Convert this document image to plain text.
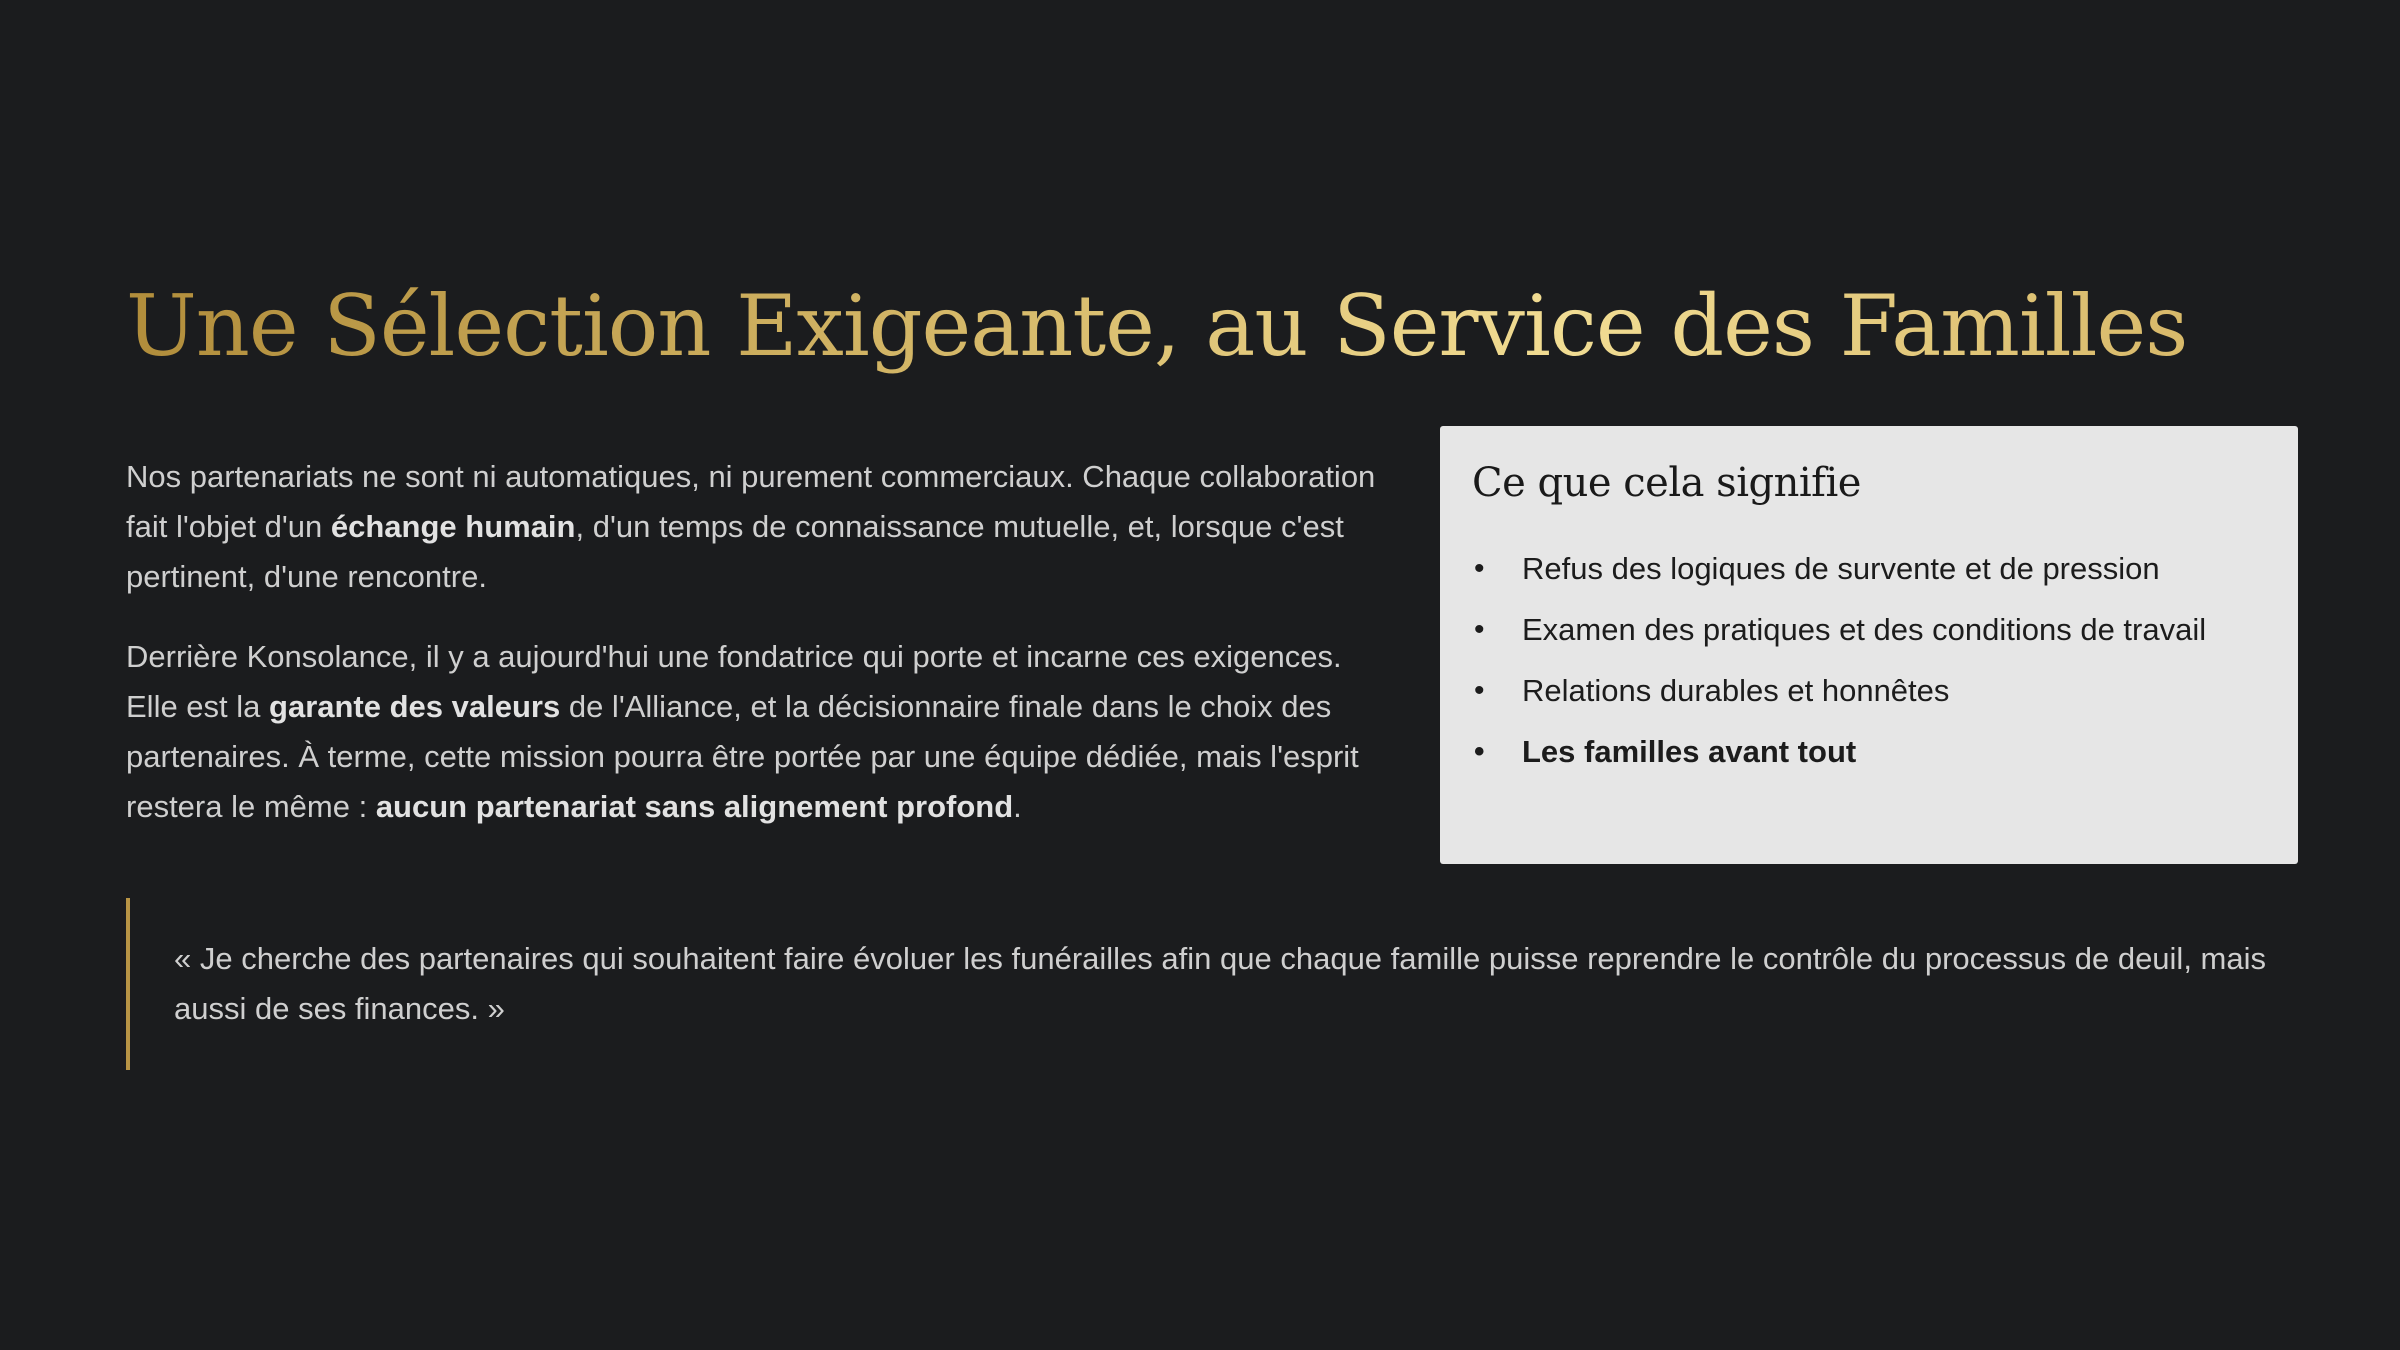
Une Sélection Exigeante, au Service des Familles

Nos partenariats ne sont ni automatiques, ni purement commerciaux. Chaque collaboration fait l'objet d'un échange humain, d'un temps de connaissance mutuelle, et, lorsque c'est pertinent, d'une rencontre.

Derrière Konsolance, il y a aujourd'hui une fondatrice qui porte et incarne ces exigences. Elle est la garante des valeurs de l'Alliance, et la décisionnaire finale dans le choix des partenaires. À terme, cette mission pourra être portée par une équipe dédiée, mais l'esprit restera le même : aucun partenariat sans alignement profond.

Ce que cela signifie
• Refus des logiques de survente et de pression
• Examen des pratiques et des conditions de travail
• Relations durables et honnêtes
• Les familles avant tout
« Je cherche des partenaires qui souhaitent faire évoluer les funérailles afin que chaque famille puisse reprendre le contrôle du processus de deuil, mais aussi de ses finances. »
